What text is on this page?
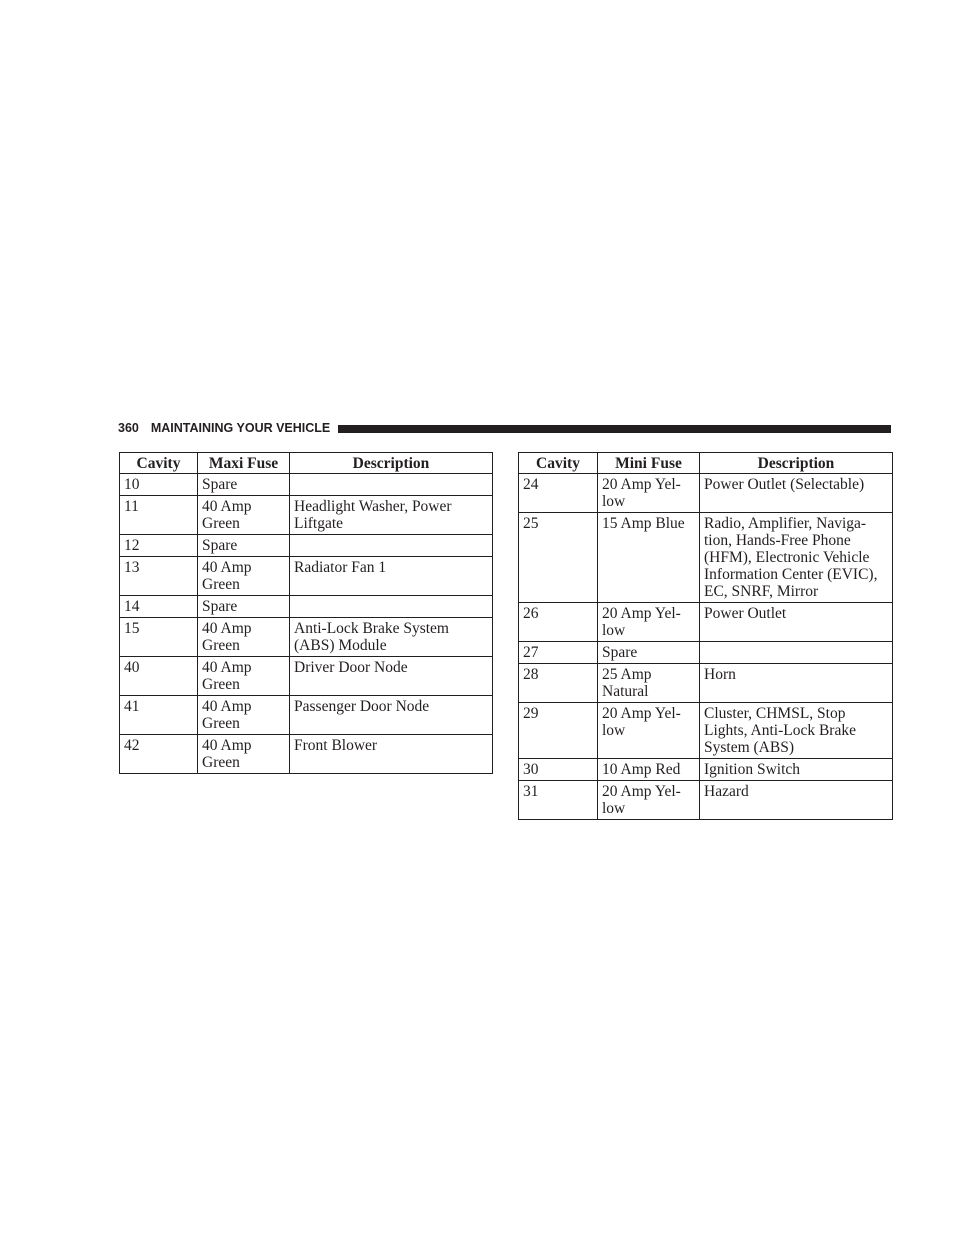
360 MAINTAINING YOUR VEHICLE
Cavity	Maxi Fuse	Description
10	Spare	
11	40 Amp Green	Headlight Washer, Power Liftgate
12	Spare	
13	40 Amp Green	Radiator Fan 1
14	Spare	
15	40 Amp Green	Anti-Lock Brake System (ABS) Module
40	40 Amp Green	Driver Door Node
41	40 Amp Green	Passenger Door Node
42	40 Amp Green	Front Blower
Cavity	Mini Fuse	Description
24	20 Amp Yel-low	Power Outlet (Selectable)
25	15 Amp Blue	Radio, Amplifier, Naviga-tion, Hands-Free Phone (HFM), Electronic Vehicle Information Center (EVIC), EC, SNRF, Mirror
26	20 Amp Yel-low	Power Outlet
27	Spare	
28	25 Amp Natural	Horn
29	20 Amp Yel-low	Cluster, CHMSL, Stop Lights, Anti-Lock Brake System (ABS)
30	10 Amp Red	Ignition Switch
31	20 Amp Yel-low	Hazard
